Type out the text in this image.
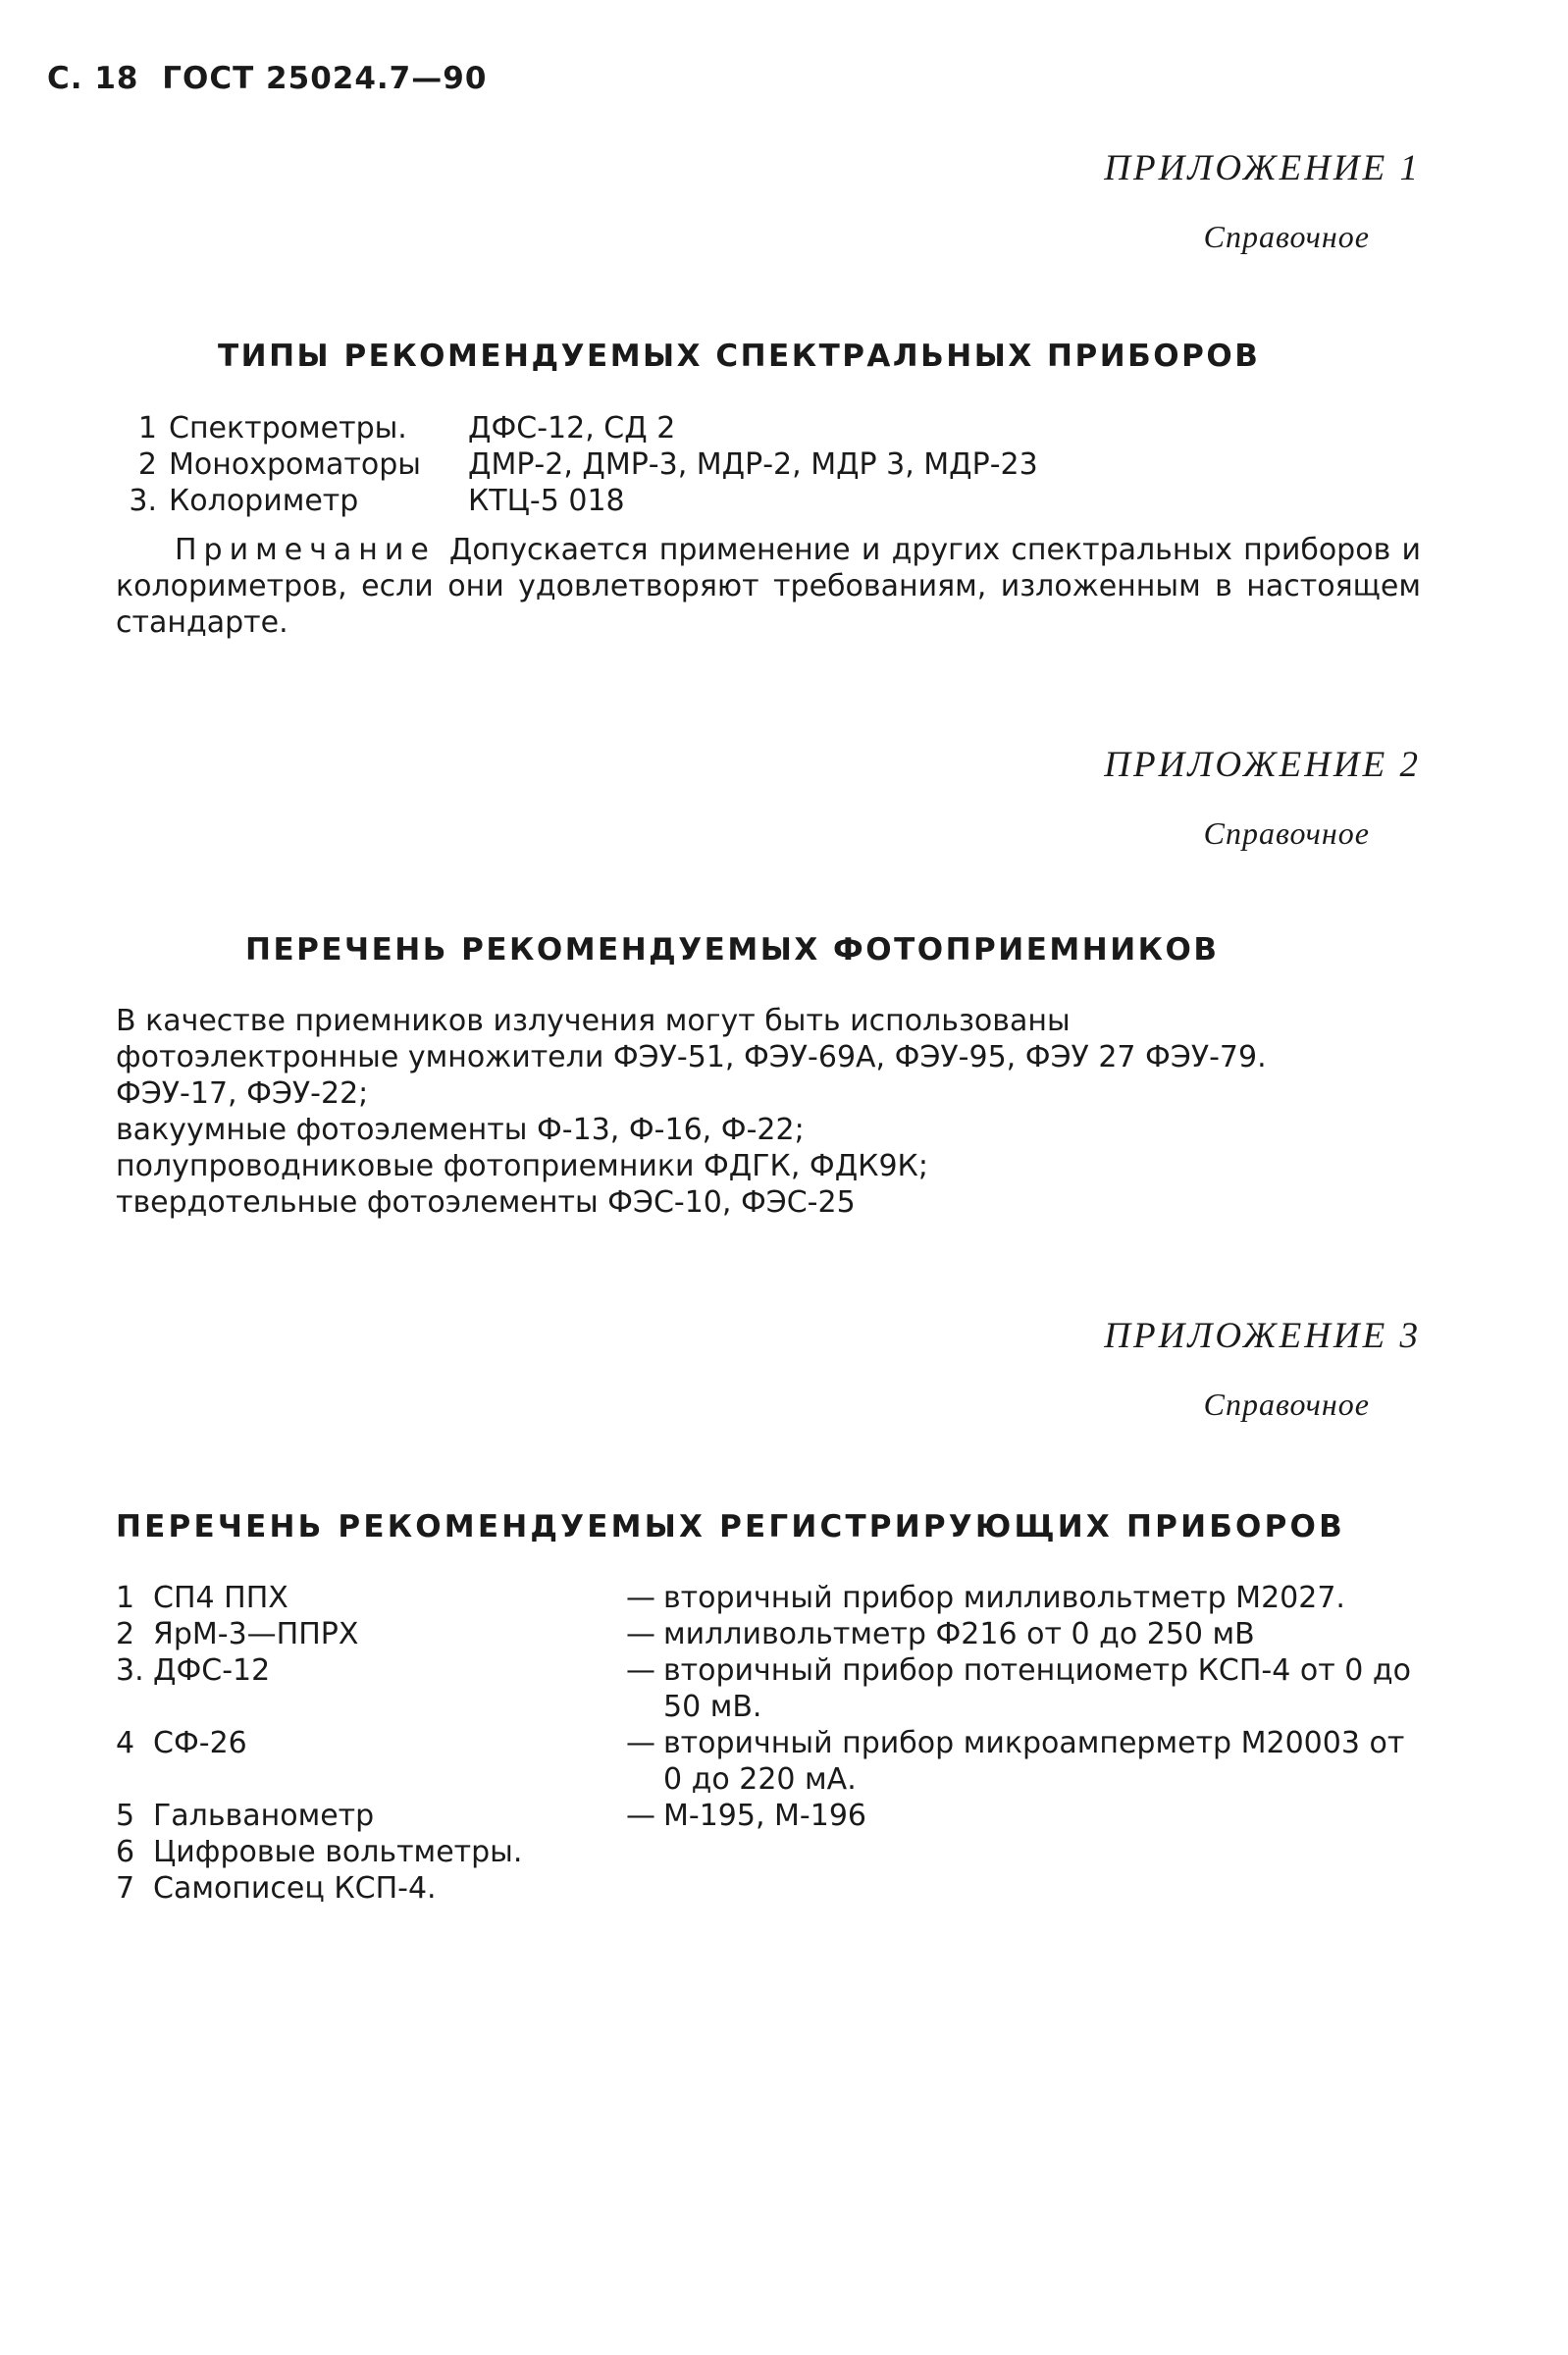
С. 18 ГОСТ 25024.7—90
ПРИЛОЖЕНИЕ 1
Справочное
ТИПЫ РЕКОМЕНДУЕМЫХ СПЕКТРАЛЬНЫХ ПРИБОРОВ
1 Спектрометры.	ДФС-12, СД 2
2 Монохроматоры	ДМР-2, ДМР-3, МДР-2, МДР 3, МДР-23
3. Колориметр	КТЦ-5 018
Примечание Допускается применение и других спектральных приборов и колориметров, если они удовлетворяют требованиям, изложенным в настоящем стандарте.
ПРИЛОЖЕНИЕ 2
Справочное
ПЕРЕЧЕНЬ РЕКОМЕНДУЕМЫХ ФОТОПРИЕМНИКОВ
В качестве приемников излучения могут быть использованы
фотоэлектронные умножители ФЭУ-51, ФЭУ-69А, ФЭУ-95, ФЭУ 27 ФЭУ-79.
ФЭУ-17, ФЭУ-22;
вакуумные фотоэлементы Ф-13, Ф-16, Ф-22;
полупроводниковые фотоприемники ФДГК, ФДК9К;
твердотельные фотоэлементы ФЭС-10, ФЭС-25
ПРИЛОЖЕНИЕ 3
Справочное
ПЕРЕЧЕНЬ РЕКОМЕНДУЕМЫХ РЕГИСТРИРУЮЩИХ ПРИБОРОВ
1 СП4 ППХ	— вторичный прибор милливольтметр М2027.
2 ЯрМ-3—ППРХ	— милливольтметр Ф216 от 0 до 250 мВ
3. ДФС-12	— вторичный прибор потенциометр КСП-4 от 0 до 50 мВ.
4 СФ-26	— вторичный прибор микроамперметр М20003 от 0 до 220 мА.
5 Гальванометр	— М-195, М-196
6 Цифровые вольтметры.
7 Самописец КСП-4.
